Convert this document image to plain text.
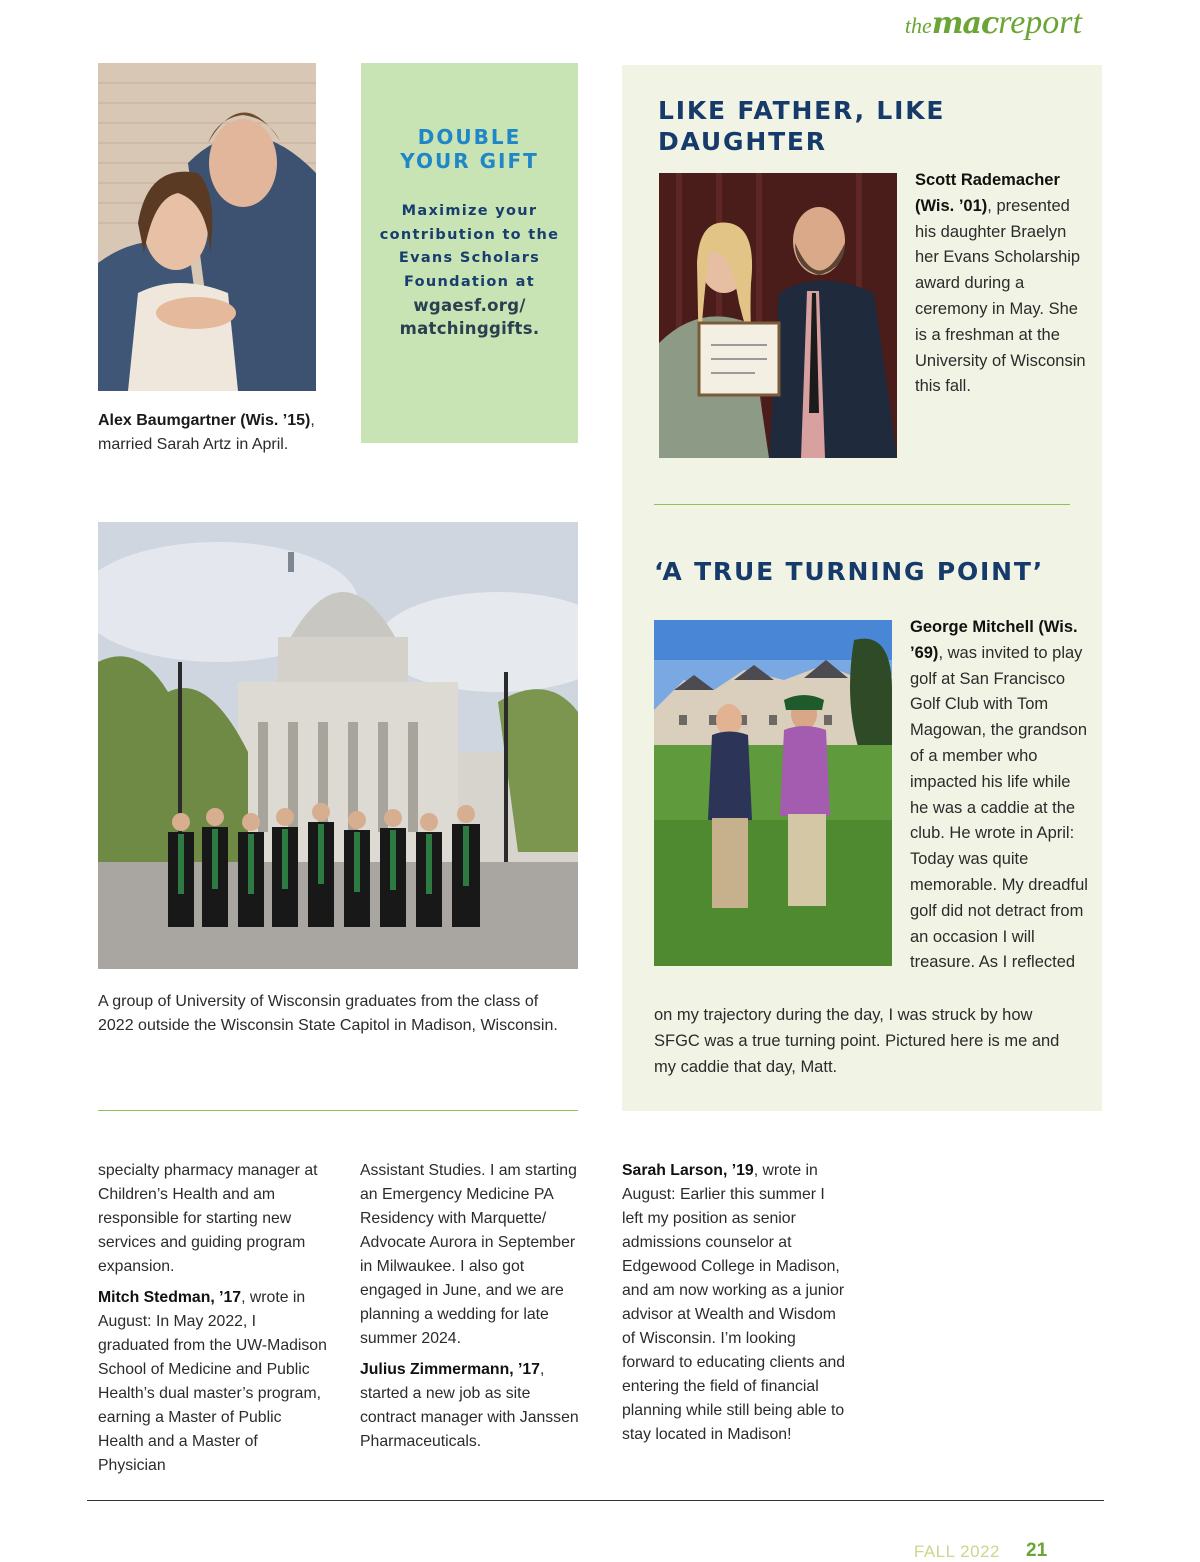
themacreport
Alex Baumgartner (Wis. ’15), married Sarah Artz in April.
DOUBLE
YOUR GIFT
Maximize your
contribution to the
Evans Scholars
Foundation at
wgaesf.org/
matchinggifts.
LIKE FATHER, LIKE
DAUGHTER
Scott Rademacher (Wis. ’01), presented his daughter Braelyn her Evans Scholarship award during a ceremony in May. She is a freshman at the University of Wisconsin this fall.
‘A TRUE TURNING POINT’
George Mitchell (Wis. ’69), was invited to play golf at San Francisco Golf Club with Tom Magowan, the grandson of a member who impacted his life while he was a caddie at the club. He wrote in April: Today was quite memorable. My dreadful golf did not detract from an occasion I will treasure. As I reflected
on my trajectory during the day, I was struck by how SFGC was a true turning point. Pictured here is me and my caddie that day, Matt.
A group of University of Wisconsin graduates from the class of 2022 outside the Wisconsin State Capitol in Madison, Wisconsin.

specialty pharmacy manager at Children’s Health and am responsible for starting new services and guiding program expansion.

Mitch Stedman, ’17, wrote in August: In May 2022, I graduated from the UW-Madison School of Medicine and Public Health’s dual master’s program, earning a Master of Public Health and a Master of Physician

Assistant Studies. I am starting an Emergency Medicine PA Residency with Marquette/ Advocate Aurora in September in Milwaukee. I also got engaged in June, and we are planning a wedding for late summer 2024.

Julius Zimmermann, ’17, started a new job as site contract manager with Janssen Pharmaceuticals.

Sarah Larson, ’19, wrote in August: Earlier this summer I left my position as senior admissions counselor at Edgewood College in Madison, and am now working as a junior advisor at Wealth and Wisdom of Wisconsin. I’m looking forward to educating clients and entering the field of financial planning while still being able to stay located in Madison!

FALL 2022 21
